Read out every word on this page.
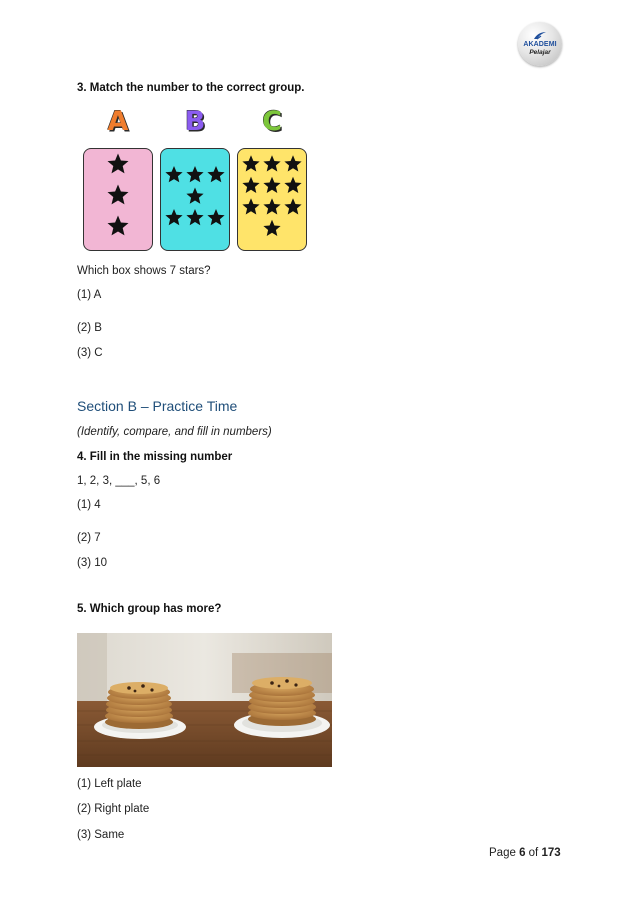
AKADEMI
Pelajar
3. Match the number to the correct group.
A	B	C
Which box shows 7 stars?
(1) A
(2) B
(3) C
Section B – Practice Time
(Identify, compare, and fill in numbers)
4. Fill in the missing number
1, 2, 3, ___, 5, 6
(1) 4
(2) 7
(3) 10
5. Which group has more?
(1) Left plate
(2) Right plate
(3) Same
Page 6 of 173
